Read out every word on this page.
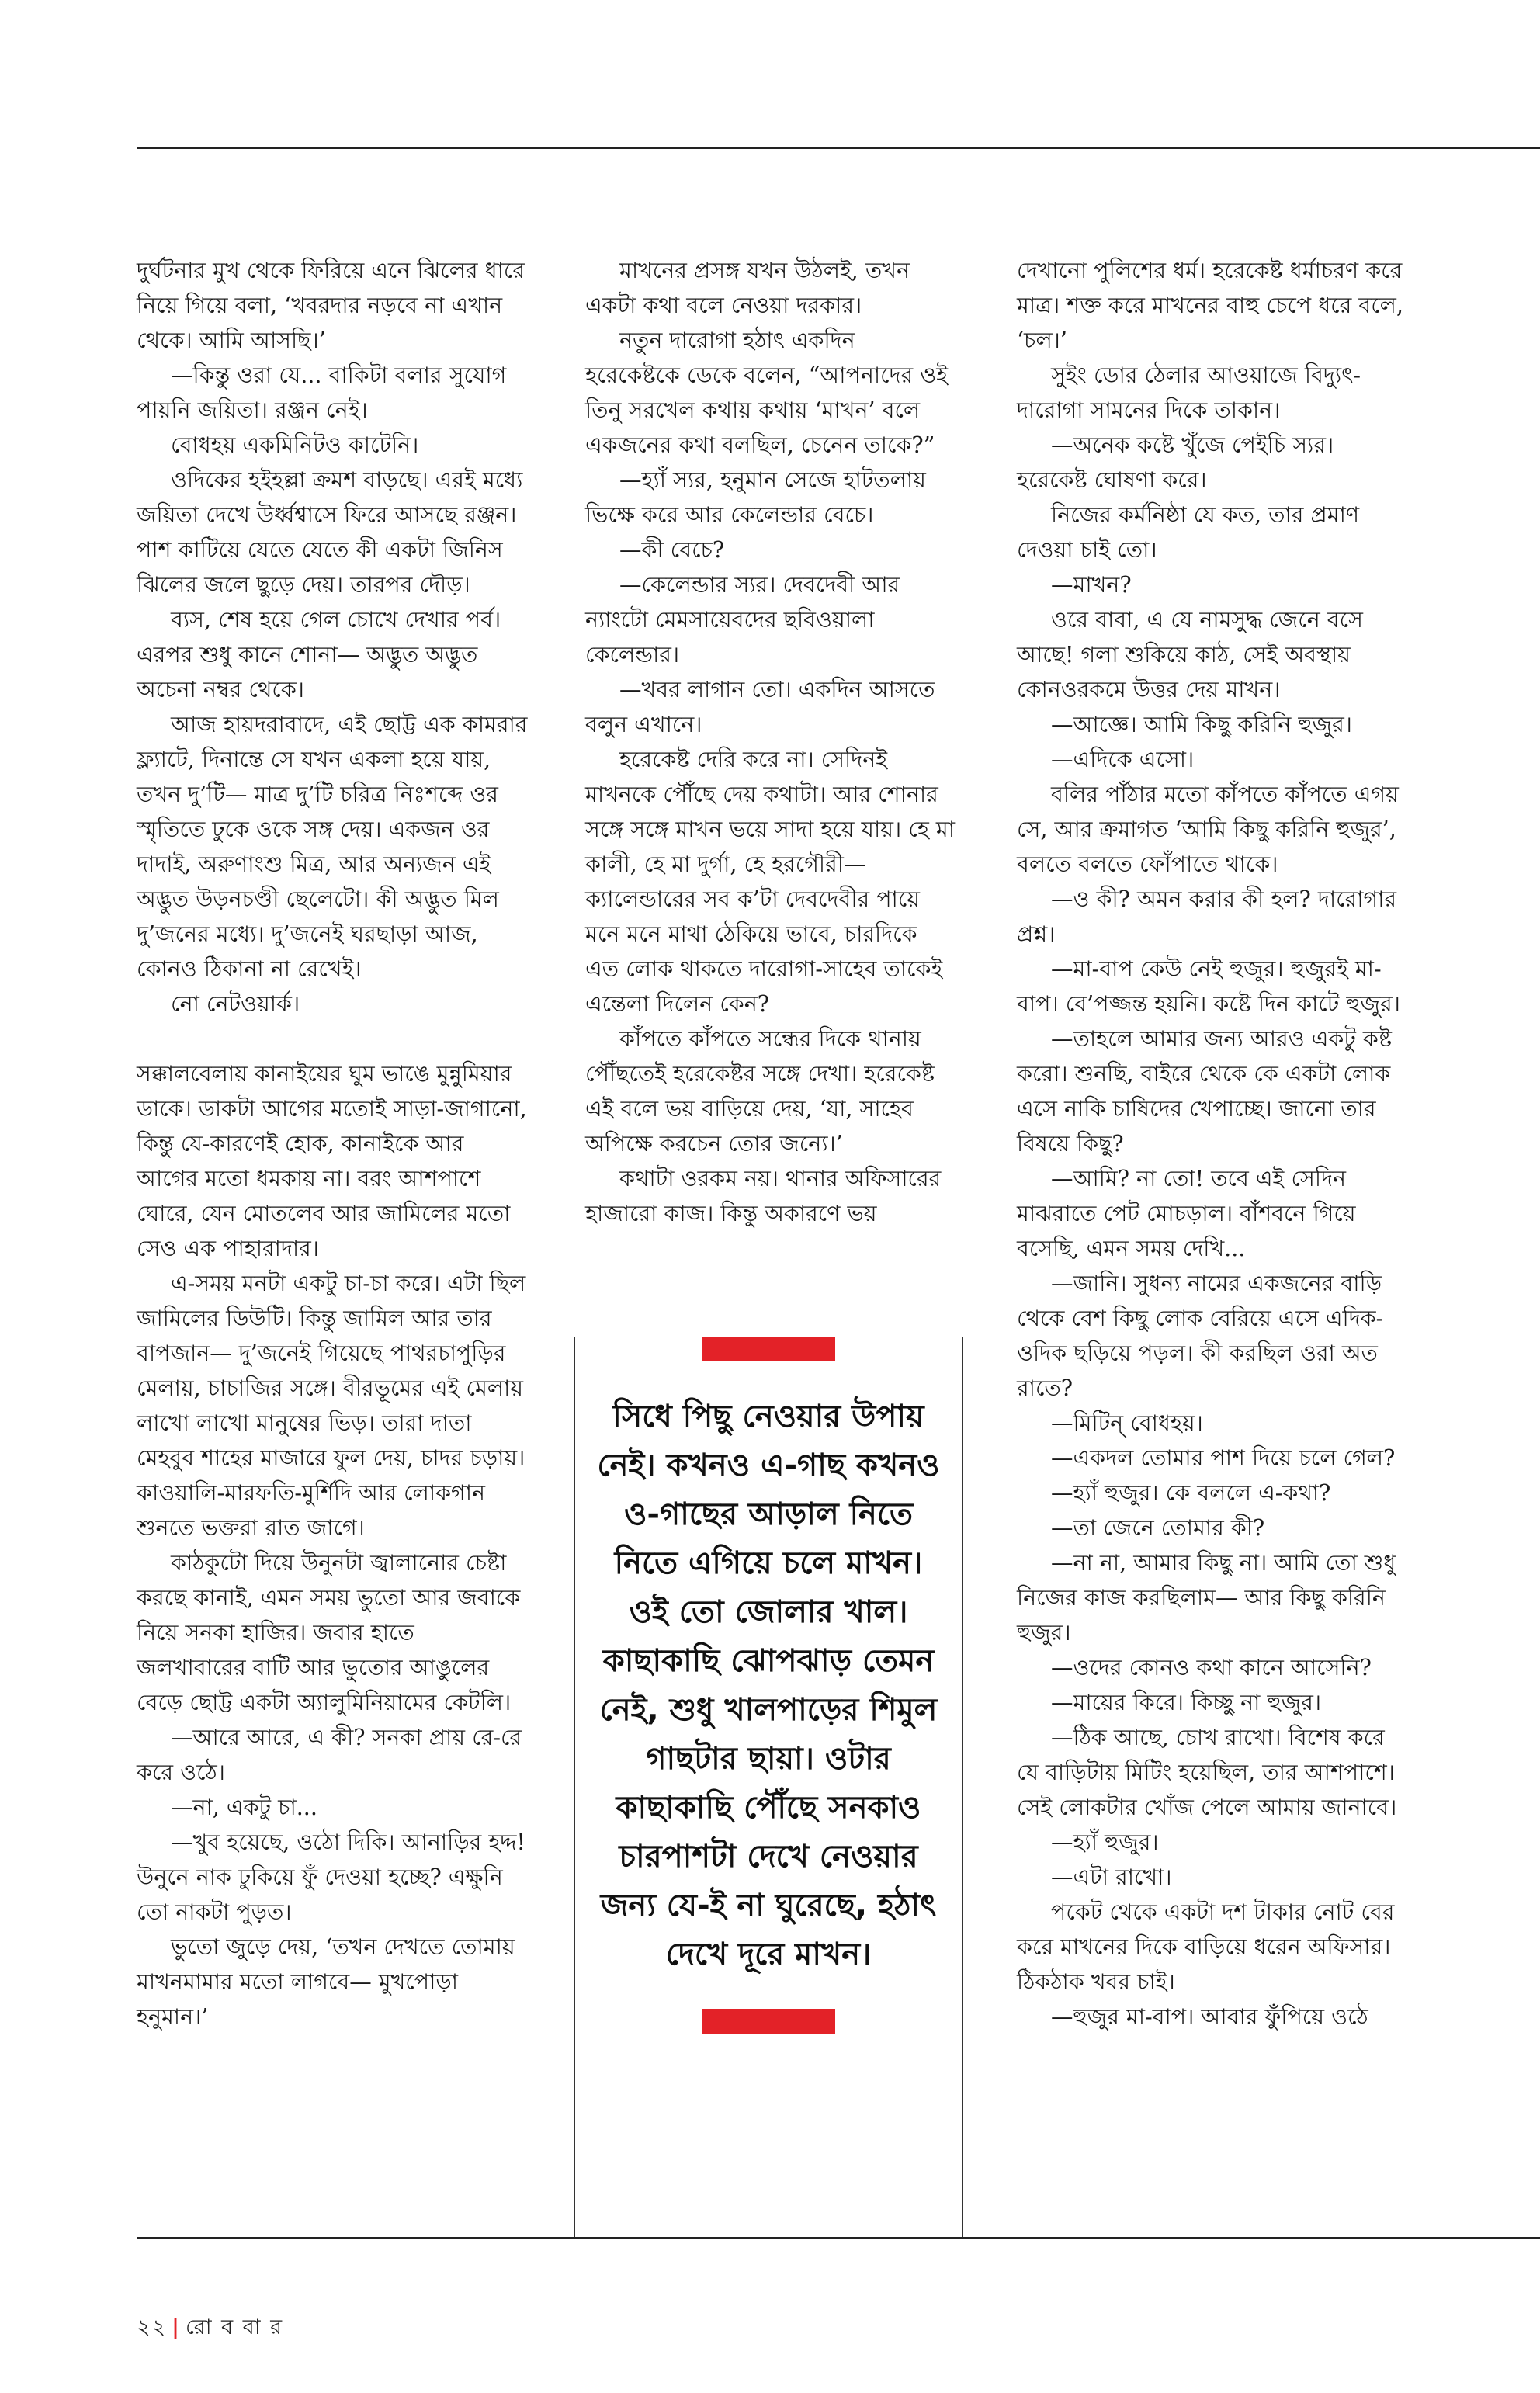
দুর্ঘটনার মুখ থেকে ফিরিয়ে এনে ঝিলের ধারে নিয়ে গিয়ে বলা, ‘খবরদার নড়বে না এখান থেকে। আমি আসছি।’

—কিন্তু ওরা যে... বাকিটা বলার সুযোগ পায়নি জয়িতা। রঞ্জন নেই।

বোধহয় একমিনিটও কাটেনি।

ওদিকের হইহল্লা ক্রমশ বাড়ছে। এরই মধ্যে জয়িতা দেখে উর্ধ্বশ্বাসে ফিরে আসছে রঞ্জন। পাশ কাটিয়ে যেতে যেতে কী একটা জিনিস ঝিলের জলে ছুড়ে দেয়। তারপর দৌড়।

ব্যস, শেষ হয়ে গেল চোখে দেখার পর্ব। এরপর শুধু কানে শোনা— অদ্ভুত অদ্ভুত অচেনা নম্বর থেকে।

আজ হায়দরাবাদে, এই ছোট্ট এক কামরার ফ্ল্যাটে, দিনান্তে সে যখন একলা হয়ে যায়, তখন দু’টি— মাত্র দু’টি চরিত্র নিঃশব্দে ওর স্মৃতিতে ঢুকে ওকে সঙ্গ দেয়। একজন ওর দাদাই, অরুণাংশু মিত্র, আর অন্যজন এই অদ্ভুত উড়নচণ্ডী ছেলেটো। কী অদ্ভুত মিল দু’জনের মধ্যে। দু’জনেই ঘরছাড়া আজ, কোনও ঠিকানা না রেখেই।

নো নেটওয়ার্ক।

সক্কালবেলায় কানাইয়ের ঘুম ভাঙে মুন্নুমিয়ার ডাকে। ডাকটা আগের মতোই সাড়া-জাগানো, কিন্তু যে-কারণেই হোক, কানাইকে আর আগের মতো ধমকায় না। বরং আশপাশে ঘোরে, যেন মোতলেব আর জামিলের মতো সেও এক পাহারাদার।

এ-সময় মনটা একটু চা-চা করে। এটা ছিল জামিলের ডিউটি। কিন্তু জামিল আর তার বাপজান— দু’জনেই গিয়েছে পাথরচাপুড়ির মেলায়, চাচাজির সঙ্গে। বীরভূমের এই মেলায় লাখো লাখো মানুষের ভিড়। তারা দাতা মেহবুব শাহের মাজারে ফুল দেয়, চাদর চড়ায়। কাওয়ালি-মারফতি-মুর্শিদি আর লোকগান শুনতে ভক্তরা রাত জাগে।

কাঠকুটো দিয়ে উনুনটা জ্বালানোর চেষ্টা করছে কানাই, এমন সময় ভুতো আর জবাকে নিয়ে সনকা হাজির। জবার হাতে জলখাবারের বাটি আর ভুতোর আঙুলের বেড়ে ছোট্ট একটা অ্যালুমিনিয়ামের কেটলি।

—আরে আরে, এ কী? সনকা প্রায় রে-রে করে ওঠে।

—না, একটু চা...

—খুব হয়েছে, ওঠো দিকি। আনাড়ির হদ্দ! উনুনে নাক ঢুকিয়ে ফুঁ দেওয়া হচ্ছে? এক্ষুনি তো নাকটা পুড়ত।

ভুতো জুড়ে দেয়, ‘তখন দেখতে তোমায় মাখনমামার মতো লাগবে— মুখপোড়া হনুমান।’

মাখনের প্রসঙ্গ যখন উঠলই, তখন একটা কথা বলে নেওয়া দরকার।

নতুন দারোগা হঠাৎ একদিন হরেকেষ্টকে ডেকে বলেন, “আপনাদের ওই তিনু সরখেল কথায় কথায় ‘মাখন’ বলে একজনের কথা বলছিল, চেনেন তাকে?”

—হ্যাঁ স্যর, হনুমান সেজে হাটতলায় ভিক্ষে করে আর কেলেন্ডার বেচে।

—কী বেচে?

—কেলেন্ডার স্যর। দেবদেবী আর ন্যাংটো মেমসায়েবদের ছবিওয়ালা কেলেন্ডার।

—খবর লাগান তো। একদিন আসতে বলুন এখানে।

হরেকেষ্ট দেরি করে না। সেদিনই মাখনকে পৌঁছে দেয় কথাটা। আর শোনার সঙ্গে সঙ্গে মাখন ভয়ে সাদা হয়ে যায়। হে মা কালী, হে মা দুর্গা, হে হরগৌরী— ক্যালেন্ডারের সব ক’টা দেবদেবীর পায়ে মনে মনে মাথা ঠেকিয়ে ভাবে, চারদিকে এত লোক থাকতে দারোগা-সাহেব তাকেই এন্তেলা দিলেন কেন?

কাঁপতে কাঁপতে সন্ধের দিকে থানায় পৌঁছতেই হরেকেষ্টর সঙ্গে দেখা। হরেকেষ্ট এই বলে ভয় বাড়িয়ে দেয়, ‘যা, সাহেব অপিক্ষে করচেন তোর জন্যে।’

কথাটা ওরকম নয়। থানার অফিসারের হাজারো কাজ। কিন্তু অকারণে ভয়

সিধে পিছু নেওয়ার উপায় নেই। কখনও এ-গাছ কখনও ও-গাছের আড়াল নিতে নিতে এগিয়ে চলে মাখন। ওই তো জোলার খাল। কাছাকাছি ঝোপঝাড় তেমন নেই, শুধু খালপাড়ের শিমুল গাছটার ছায়া। ওটার কাছাকাছি পৌঁছে সনকাও চারপাশটা দেখে নেওয়ার জন্য যে-ই না ঘুরেছে, হঠাৎ দেখে দূরে মাখন।

দেখানো পুলিশের ধর্ম। হরেকেষ্ট ধর্মাচরণ করে মাত্র। শক্ত করে মাখনের বাহু চেপে ধরে বলে, ‘চল।’

সুইং ডোর ঠেলার আওয়াজে বিদ্যুৎ-দারোগা সামনের দিকে তাকান।

—অনেক কষ্টে খুঁজে পেইচি স্যর। হরেকেষ্ট ঘোষণা করে।

নিজের কর্মনিষ্ঠা যে কত, তার প্রমাণ দেওয়া চাই তো।

—মাখন?

ওরে বাবা, এ যে নামসুদ্ধ জেনে বসে আছে! গলা শুকিয়ে কাঠ, সেই অবস্থায় কোনওরকমে উত্তর দেয় মাখন।

—আজ্ঞে। আমি কিছু করিনি হুজুর।

—এদিকে এসো।

বলির পাঁঠার মতো কাঁপতে কাঁপতে এগয় সে, আর ক্রমাগত ‘আমি কিছু করিনি হুজুর’, বলতে বলতে ফোঁপাতে থাকে।

—ও কী? অমন করার কী হল? দারোগার প্রশ্ন।

—মা-বাপ কেউ নেই হুজুর। হুজুরই মা-বাপ। বে’পজ্জন্ত হয়নি। কষ্টে দিন কাটে হুজুর।

—তাহলে আমার জন্য আরও একটু কষ্ট করো। শুনছি, বাইরে থেকে কে একটা লোক এসে নাকি চাষিদের খেপাচ্ছে। জানো তার বিষয়ে কিছু?

—আমি? না তো! তবে এই সেদিন মাঝরাতে পেট মোচড়াল। বাঁশবনে গিয়ে বসেছি, এমন সময় দেখি...

—জানি। সুধন্য নামের একজনের বাড়ি থেকে বেশ কিছু লোক বেরিয়ে এসে এদিক-ওদিক ছড়িয়ে পড়ল। কী করছিল ওরা অত রাতে?

—মিটিন্ বোধহয়।

—একদল তোমার পাশ দিয়ে চলে গেল?

—হ্যাঁ হুজুর। কে বললে এ-কথা?

—তা জেনে তোমার কী?

—না না, আমার কিছু না। আমি তো শুধু নিজের কাজ করছিলাম— আর কিছু করিনি হুজুর।

—ওদের কোনও কথা কানে আসেনি?

—মায়ের কিরে। কিচ্ছু না হুজুর।

—ঠিক আছে, চোখ রাখো। বিশেষ করে যে বাড়িটায় মিটিং হয়েছিল, তার আশপাশে। সেই লোকটার খোঁজ পেলে আমায় জানাবে।

—হ্যাঁ হুজুর।

—এটা রাখো।

পকেট থেকে একটা দশ টাকার নোট বের করে মাখনের দিকে বাড়িয়ে ধরেন অফিসার। ঠিকঠাক খবর চাই।

—হুজুর মা-বাপ। আবার ফুঁপিয়ে ওঠে

২২ | রো ব বা র
